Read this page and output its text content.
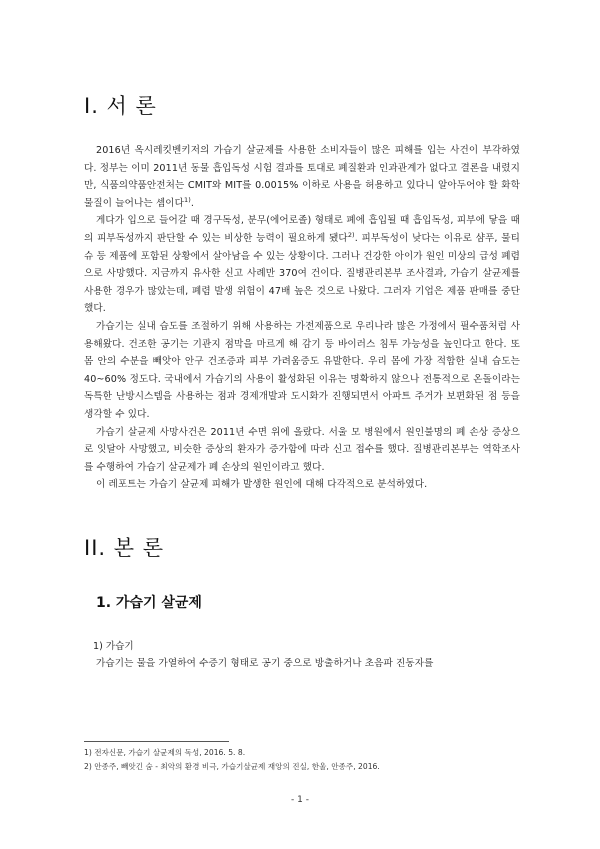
I. 서 론

2016년 옥시레킷벤키저의 가습기 살균제를 사용한 소비자들이 많은 피해를 입는 사건이 부각하였다. 정부는 이미 2011년 동물 흡입독성 시험 결과를 토대로 폐질환과 인과관계가 없다고 결론을 내렸지만, 식품의약품안전처는 CMIT와 MIT를 0.0015% 이하로 사용을 허용하고 있다니 알아두어야 할 화학물질이 늘어나는 셈이다$^{1)}$.

게다가 입으로 들어갈 때 경구독성, 분무(에어로졸) 형태로 폐에 흡입될 때 흡입독성, 피부에 닿을 때의 피부독성까지 판단할 수 있는 비상한 능력이 필요하게 됐다$^{2)}$. 피부독성이 낮다는 이유로 샴푸, 물티슈 등 제품에 포함된 상황에서 살아남을 수 있는 상황이다. 그러나 건강한 아이가 원인 미상의 급성 폐렴으로 사망했다. 지금까지 유사한 신고 사례만 370여 건이다. 질병관리본부 조사결과, 가습기 살균제를 사용한 경우가 많았는데, 폐렴 발생 위험이 47배 높은 것으로 나왔다. 그러자 기업은 제품 판매를 중단했다.

가습기는 실내 습도를 조절하기 위해 사용하는 가전제품으로 우리나라 많은 가정에서 필수품처럼 사용해왔다. 건조한 공기는 기관지 점막을 마르게 해 감기 등 바이러스 침투 가능성을 높인다고 한다. 또 몸 안의 수분을 빼앗아 안구 건조증과 피부 가려움증도 유발한다. 우리 몸에 가장 적합한 실내 습도는 40~60% 정도다. 국내에서 가습기의 사용이 활성화된 이유는 명확하지 않으나 전통적으로 온돌이라는 독특한 난방시스템을 사용하는 점과 경제개발과 도시화가 진행되면서 아파트 주거가 보편화된 점 등을 생각할 수 있다.

가습기 살균제 사망사건은 2011년 수면 위에 올랐다. 서울 모 병원에서 원인불명의 폐 손상 증상으로 잇달아 사망했고, 비슷한 증상의 환자가 증가함에 따라 신고 접수를 했다. 질병관리본부는 역학조사를 수행하여 가습기 살균제가 폐 손상의 원인이라고 했다.

이 레포트는 가습기 살균제 피해가 발생한 원인에 대해 다각적으로 분석하였다.

II. 본 론
1. 가습기 살균제

1) 가습기

가습기는 물을 가열하여 수증기 형태로 공기 중으로 방출하거나 초음파 진동자를

1) 전자신문, 가습기 살균제의 독성, 2016. 5. 8.
2) 안종주, 빼앗긴 숨 - 최악의 환경 비극, 가습기살균제 재앙의 진실, 한울, 안종주, 2016.
- 1 -
